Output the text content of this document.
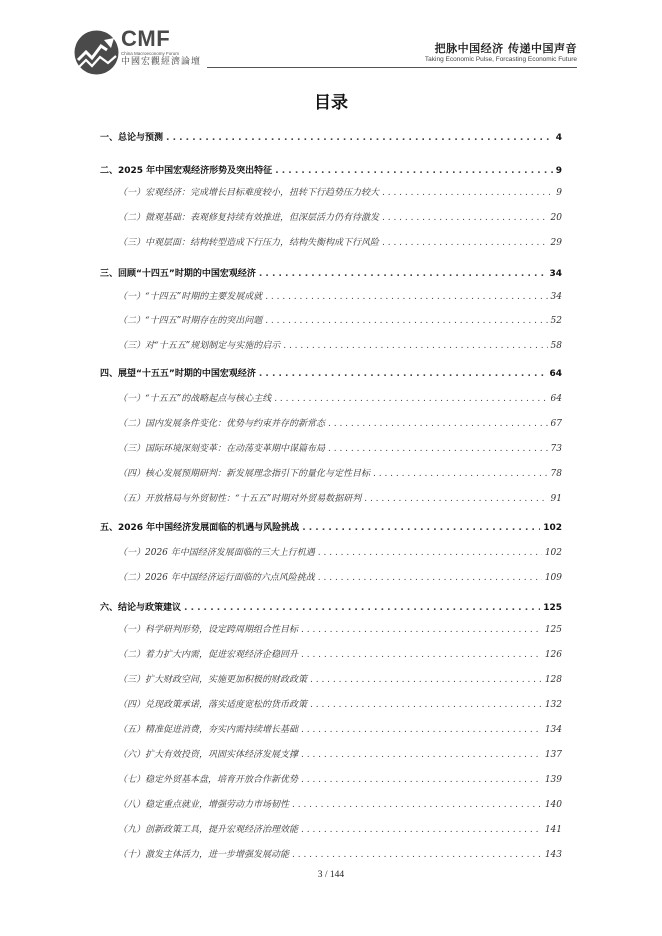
CMF
China Macroeconomy Forum
中國宏觀經濟論壇
把脉中国经济 传递中国声音
Taking Economic Pulse, Forcasting Economic Future
目录
一、总论与预测 . . .	4
二、2025 年中国宏观经济形势及突出特征 . . .	9
（一）宏观经济：完成增长目标难度较小，扭转下行趋势压力较大 . . .	9
（二）微观基础：表观修复持续有效推进，但深层活力仍有待激发 . . .	20
（三）中观层面：结构转型造成下行压力，结构失衡构成下行风险 . . .	29
三、回顾“十四五”时期的中国宏观经济 . . .	34
（一）“十四五”时期的主要发展成就 . . .	34
（二）“十四五”时期存在的突出问题 . . .	52
（三）对“十五五”规划制定与实施的启示 . . .	58
四、展望“十五五”时期的中国宏观经济 . . .	64
（一）“十五五”的战略起点与核心主线 . . .	64
（二）国内发展条件变化：优势与约束并存的新常态 . . .	67
（三）国际环境深刻变革：在动荡变革期中谋篇布局 . . .	73
（四）核心发展预期研判：新发展理念指引下的量化与定性目标 . . .	78
（五）开放格局与外贸韧性：“十五五”时期对外贸易数据研判 . . .	91
五、2026 年中国经济发展面临的机遇与风险挑战 . . .	102
（一）2026 年中国经济发展面临的三大上行机遇 . . .	102
（二）2026 年中国经济运行面临的六点风险挑战 . . .	109
六、结论与政策建议 . . .	125
（一）科学研判形势，设定跨周期组合性目标 . . .	125
（二）着力扩大内需，促进宏观经济企稳回升 . . .	126
（三）扩大财政空间，实施更加积极的财政政策 . . .	128
（四）兑现政策承诺，落实适度宽松的货币政策 . . .	132
（五）精准促进消费，夯实内需持续增长基础 . . .	134
（六）扩大有效投资，巩固实体经济发展支撑 . . .	137
（七）稳定外贸基本盘，培育开放合作新优势 . . .	139
（八）稳定重点就业，增强劳动力市场韧性 . . .	140
（九）创新政策工具，提升宏观经济治理效能 . . .	141
（十）激发主体活力，进一步增强发展动能 . . .	143
3 / 144
